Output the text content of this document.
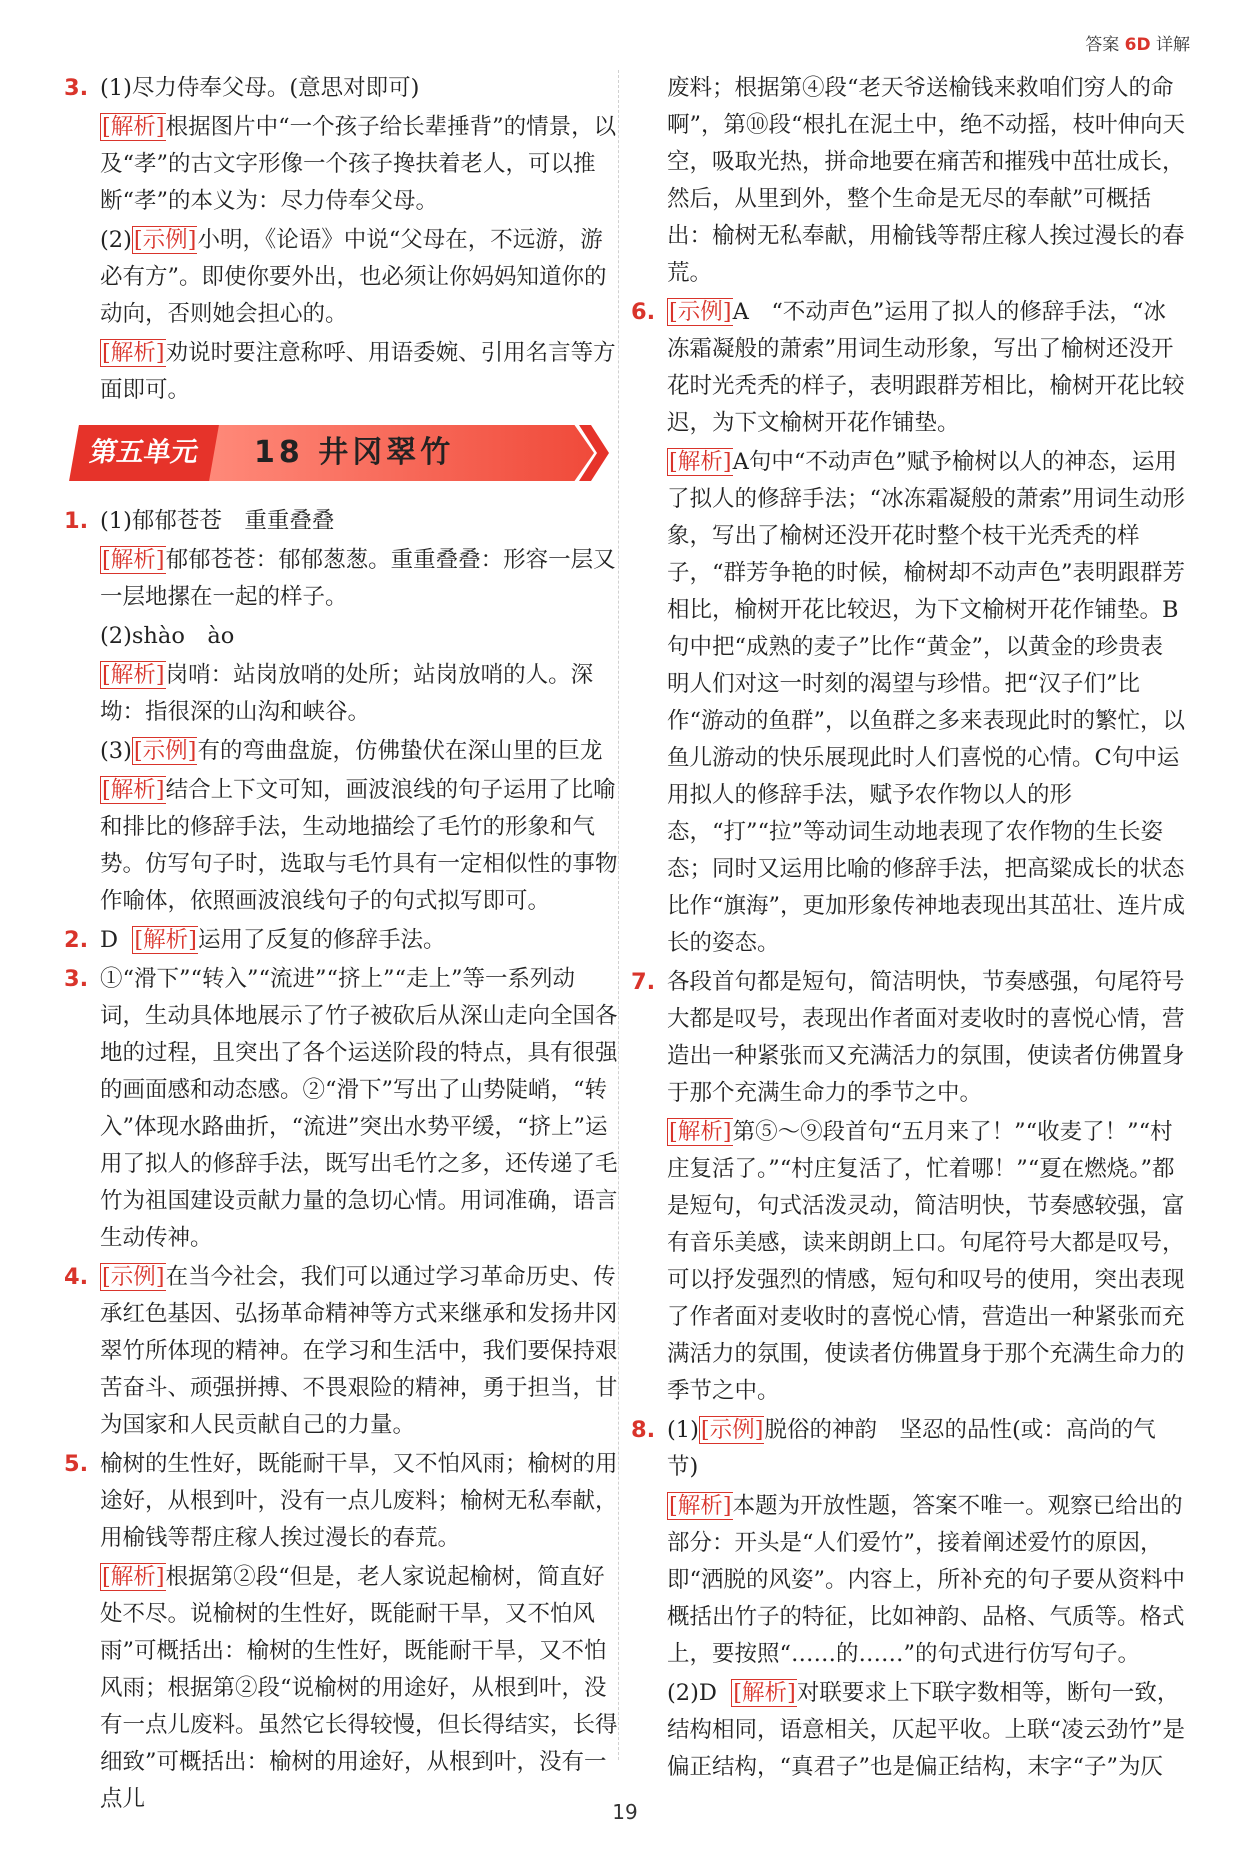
答案 6D 详解
3. (1)尽力侍奉父母。(意思对即可)
[ 解析 ] 根据图片中“一个孩子给长辈捶背”的情景，以及“孝”的古文字形像一个孩子搀扶着老人，可以推断“孝”的本义为：尽力侍奉父母。
(2) [ 示例 ] 小明，《论语》中说“父母在，不远游，游必有方”。即使你要外出，也必须让你妈妈知道你的动向，否则她会担心的。
[ 解析 ] 劝说时要注意称呼、用语委婉、引用名言等方面即可。
第五单元	18 井冈翠竹
1. (1)郁郁苍苍　重重叠叠
[ 解析 ] 郁郁苍苍：郁郁葱葱。重重叠叠：形容一层又一层地摞在一起的样子。
(2)shào　ào
[ 解析 ] 岗哨：站岗放哨的处所；站岗放哨的人。深坳：指很深的山沟和峡谷。
(3) [ 示例 ] 有的弯曲盘旋，仿佛蛰伏在深山里的巨龙
[ 解析 ] 结合上下文可知，画波浪线的句子运用了比喻和排比的修辞手法，生动地描绘了毛竹的形象和气势。仿写句子时，选取与毛竹具有一定相似性的事物作喻体，依照画波浪线句子的句式拟写即可。
2. D [ 解析 ] 运用了反复的修辞手法。
3. ①“滑下”“转入”“流进”“挤上”“走上”等一系列动词，生动具体地展示了竹子被砍后从深山走向全国各地的过程，且突出了各个运送阶段的特点，具有很强的画面感和动态感。②“滑下”写出了山势陡峭，“转入”体现水路曲折，“流进”突出水势平缓，“挤上”运用了拟人的修辞手法，既写出毛竹之多，还传递了毛竹为祖国建设贡献力量的急切心情。用词准确，语言生动传神。
4. [ 示例 ] 在当今社会，我们可以通过学习革命历史、传承红色基因、弘扬革命精神等方式来继承和发扬井冈翠竹所体现的精神。在学习和生活中，我们要保持艰苦奋斗、顽强拼搏、不畏艰险的精神，勇于担当，甘为国家和人民贡献自己的力量。
5. 榆树的生性好，既能耐干旱，又不怕风雨；榆树的用途好，从根到叶，没有一点儿废料；榆树无私奉献，用榆钱等帮庄稼人挨过漫长的春荒。
[ 解析 ] 根据第②段“但是，老人家说起榆树，简直好处不尽。说榆树的生性好，既能耐干旱，又不怕风雨”可概括出：榆树的生性好，既能耐干旱，又不怕风雨；根据第②段“说榆树的用途好，从根到叶，没有一点儿废料。虽然它长得较慢，但长得结实，长得细致”可概括出：榆树的用途好，从根到叶，没有一点儿
废料；根据第④段“老天爷送榆钱来救咱们穷人的命啊”，第⑩段“根扎在泥土中，绝不动摇，枝叶伸向天空，吸取光热，拼命地要在痛苦和摧残中茁壮成长，然后，从里到外，整个生命是无尽的奉献”可概括出：榆树无私奉献，用榆钱等帮庄稼人挨过漫长的春荒。
6. [ 示例 ] A　“不动声色”运用了拟人的修辞手法，“冰冻霜凝般的萧索”用词生动形象，写出了榆树还没开花时光秃秃的样子，表明跟群芳相比，榆树开花比较迟，为下文榆树开花作铺垫。
[ 解析 ] A句中“不动声色”赋予榆树以人的神态，运用了拟人的修辞手法；“冰冻霜凝般的萧索”用词生动形象，写出了榆树还没开花时整个枝干光秃秃的样子，“群芳争艳的时候，榆树却不动声色”表明跟群芳相比，榆树开花比较迟，为下文榆树开花作铺垫。B句中把“成熟的麦子”比作“黄金”，以黄金的珍贵表明人们对这一时刻的渴望与珍惜。把“汉子们”比作“游动的鱼群”，以鱼群之多来表现此时的繁忙，以鱼儿游动的快乐展现此时人们喜悦的心情。C句中运用拟人的修辞手法，赋予农作物以人的形态，“打”“拉”等动词生动地表现了农作物的生长姿态；同时又运用比喻的修辞手法，把高粱成长的状态比作“旗海”，更加形象传神地表现出其茁壮、连片成长的姿态。
7. 各段首句都是短句，简洁明快，节奏感强，句尾符号大都是叹号，表现出作者面对麦收时的喜悦心情，营造出一种紧张而又充满活力的氛围，使读者仿佛置身于那个充满生命力的季节之中。
[ 解析 ] 第⑤～⑨段首句“五月来了！”“收麦了！”“村庄复活了。”“村庄复活了，忙着哪！”“夏在燃烧。”都是短句，句式活泼灵动，简洁明快，节奏感较强，富有音乐美感，读来朗朗上口。句尾符号大都是叹号，可以抒发强烈的情感，短句和叹号的使用，突出表现了作者面对麦收时的喜悦心情，营造出一种紧张而充满活力的氛围，使读者仿佛置身于那个充满生命力的季节之中。
8. (1) [ 示例 ] 脱俗的神韵　坚忍的品性(或：高尚的气节)
[ 解析 ] 本题为开放性题，答案不唯一。观察已给出的部分：开头是“人们爱竹”，接着阐述爱竹的原因，即“洒脱的风姿”。内容上，所补充的句子要从资料中概括出竹子的特征，比如神韵、品格、气质等。格式上，要按照“……的……”的句式进行仿写句子。
(2)D [ 解析 ] 对联要求上下联字数相等，断句一致，结构相同，语意相关，仄起平收。上联“凌云劲竹”是偏正结构，“真君子”也是偏正结构，末字“子”为仄
19
